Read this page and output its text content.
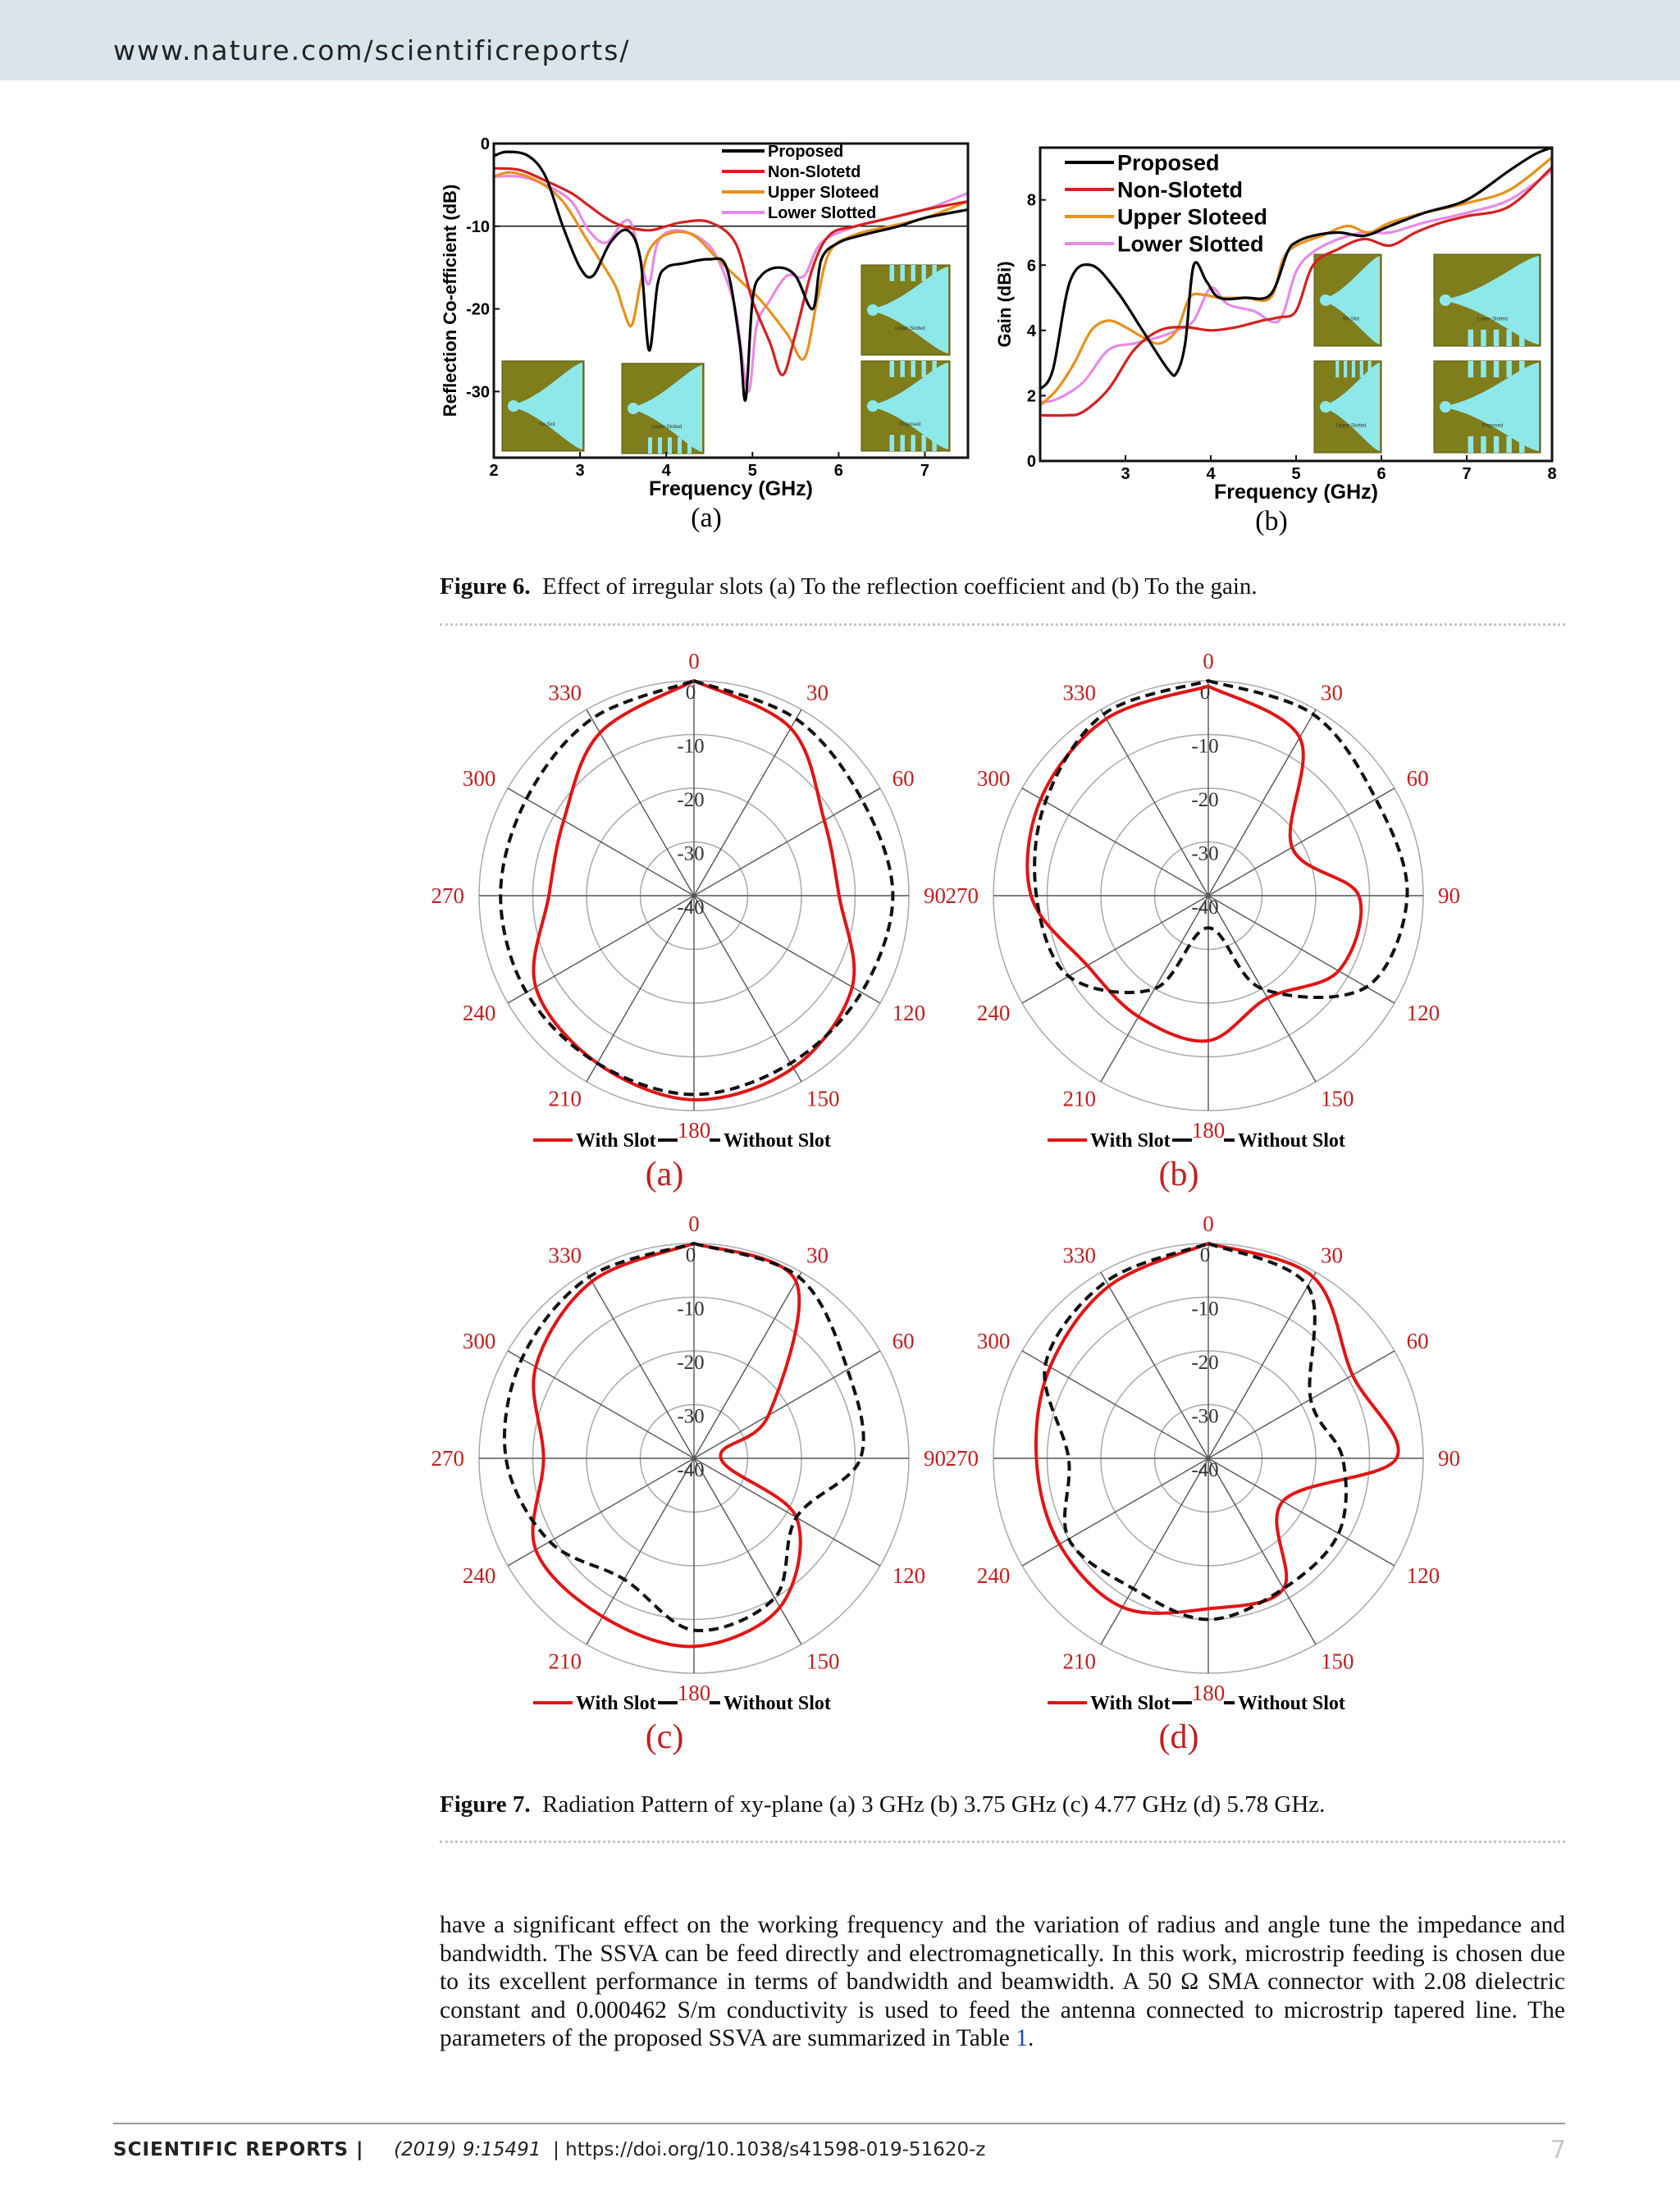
www.nature.com/scientificreports/
No Slot	Lower Slotted
Upper Slotted
Proposed
2	3	4	5	6	7
0
-10
-20
-30
Frequency (GHz)
Reflection Co-efficient (dB)
Proposed
Non-Slotetd
Upper Sloteed
Lower Slotted
(a)
No Slot	Lower Slotted
Upper Slotted	Proposed
3	4	5	6	7	8
0
2
4
6
8
Frequency (GHz)
Gain (dBi)
Proposed
Non-Slotetd
Upper Sloteed
Lower Slotted
(b)
Figure 6. Effect of irregular slots (a) To the reflection coefficient and (b) To the gain.
0
-10
-20
-30
-40
0
30
60
90
120
150
180
210
240
270
300
330
With Slot	Without Slot
(a)
0
-10
-20
-30
-40
0
30
60
90
120
150
180
210
240
270
300
330
With Slot	Without Slot
(b)
0
-10
-20
-30
-40
0
30
60
90
120
150
180
210
240
270
300
330
With Slot	Without Slot
(c)
0
-10
-20
-30
-40
0
30
60
90
120
150
180
210
240
270
300
330
With Slot	Without Slot
(d)
Figure 7. Radiation Pattern of xy-plane (a) 3 GHz (b) 3.75 GHz (c) 4.77 GHz (d) 5.78 GHz.
have a significant effect on the working frequency and the variation of radius and angle tune the impedance and bandwidth. The SSVA can be feed directly and electromagnetically. In this work, microstrip feeding is chosen due to its excellent performance in terms of bandwidth and beamwidth. A 50 Ω SMA connector with 2.08 dielectric constant and 0.000462 S/m conductivity is used to feed the antenna connected to microstrip tapered line. The parameters of the proposed SSVA are summarized in Table 1.
SCIENTIFIC REPORTS | (2019) 9:15491 | https://doi.org/10.1038/s41598-019-51620-z	7
